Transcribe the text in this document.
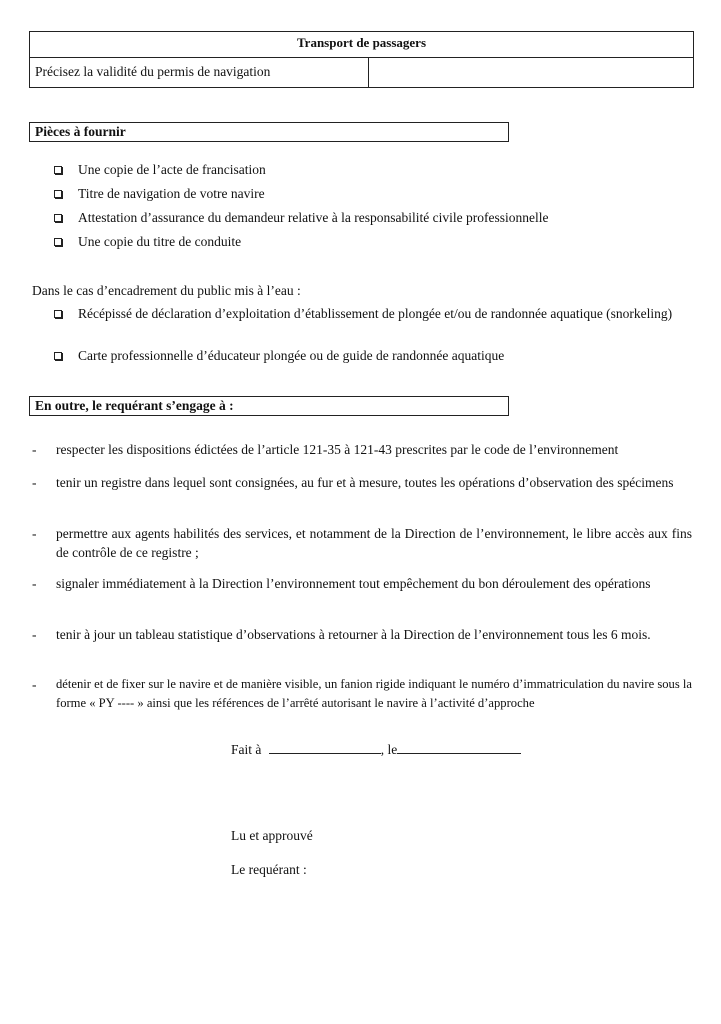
Transport de passagers
Précisez la validité du permis de navigation
Pièces à fournir
Une copie de l’acte de francisation
Titre de navigation de votre navire
Attestation d’assurance du demandeur relative à la responsabilité civile professionnelle
Une copie du titre de conduite
Dans le cas d’encadrement du public mis à l’eau :
Récépissé de déclaration d’exploitation d’établissement de plongée et/ou de randonnée aquatique (snorkeling)
Carte professionnelle d’éducateur plongée ou de guide de randonnée aquatique
En outre, le requérant s’engage à :
- respecter les dispositions édictées de l’article 121-35 à 121-43 prescrites par le code de l’environnement
- tenir un registre dans lequel sont consignées, au fur et à mesure, toutes les opérations d’observation des spécimens
- permettre aux agents habilités des services, et notamment de la Direction de l’environnement, le libre accès aux fins de contrôle de ce registre ;
- signaler immédiatement à la Direction l’environnement tout empêchement du bon déroulement des opérations
- tenir à jour un tableau statistique d’observations à retourner à la Direction de l’environnement tous les 6 mois.
- détenir et de fixer sur le navire et de manière visible, un fanion rigide indiquant le numéro d’immatriculation du navire sous la forme « PY ---- » ainsi que les références de l’arrêté autorisant le navire à l’activité d’approche
Fait à	, le
Lu et approuvé
Le requérant :
